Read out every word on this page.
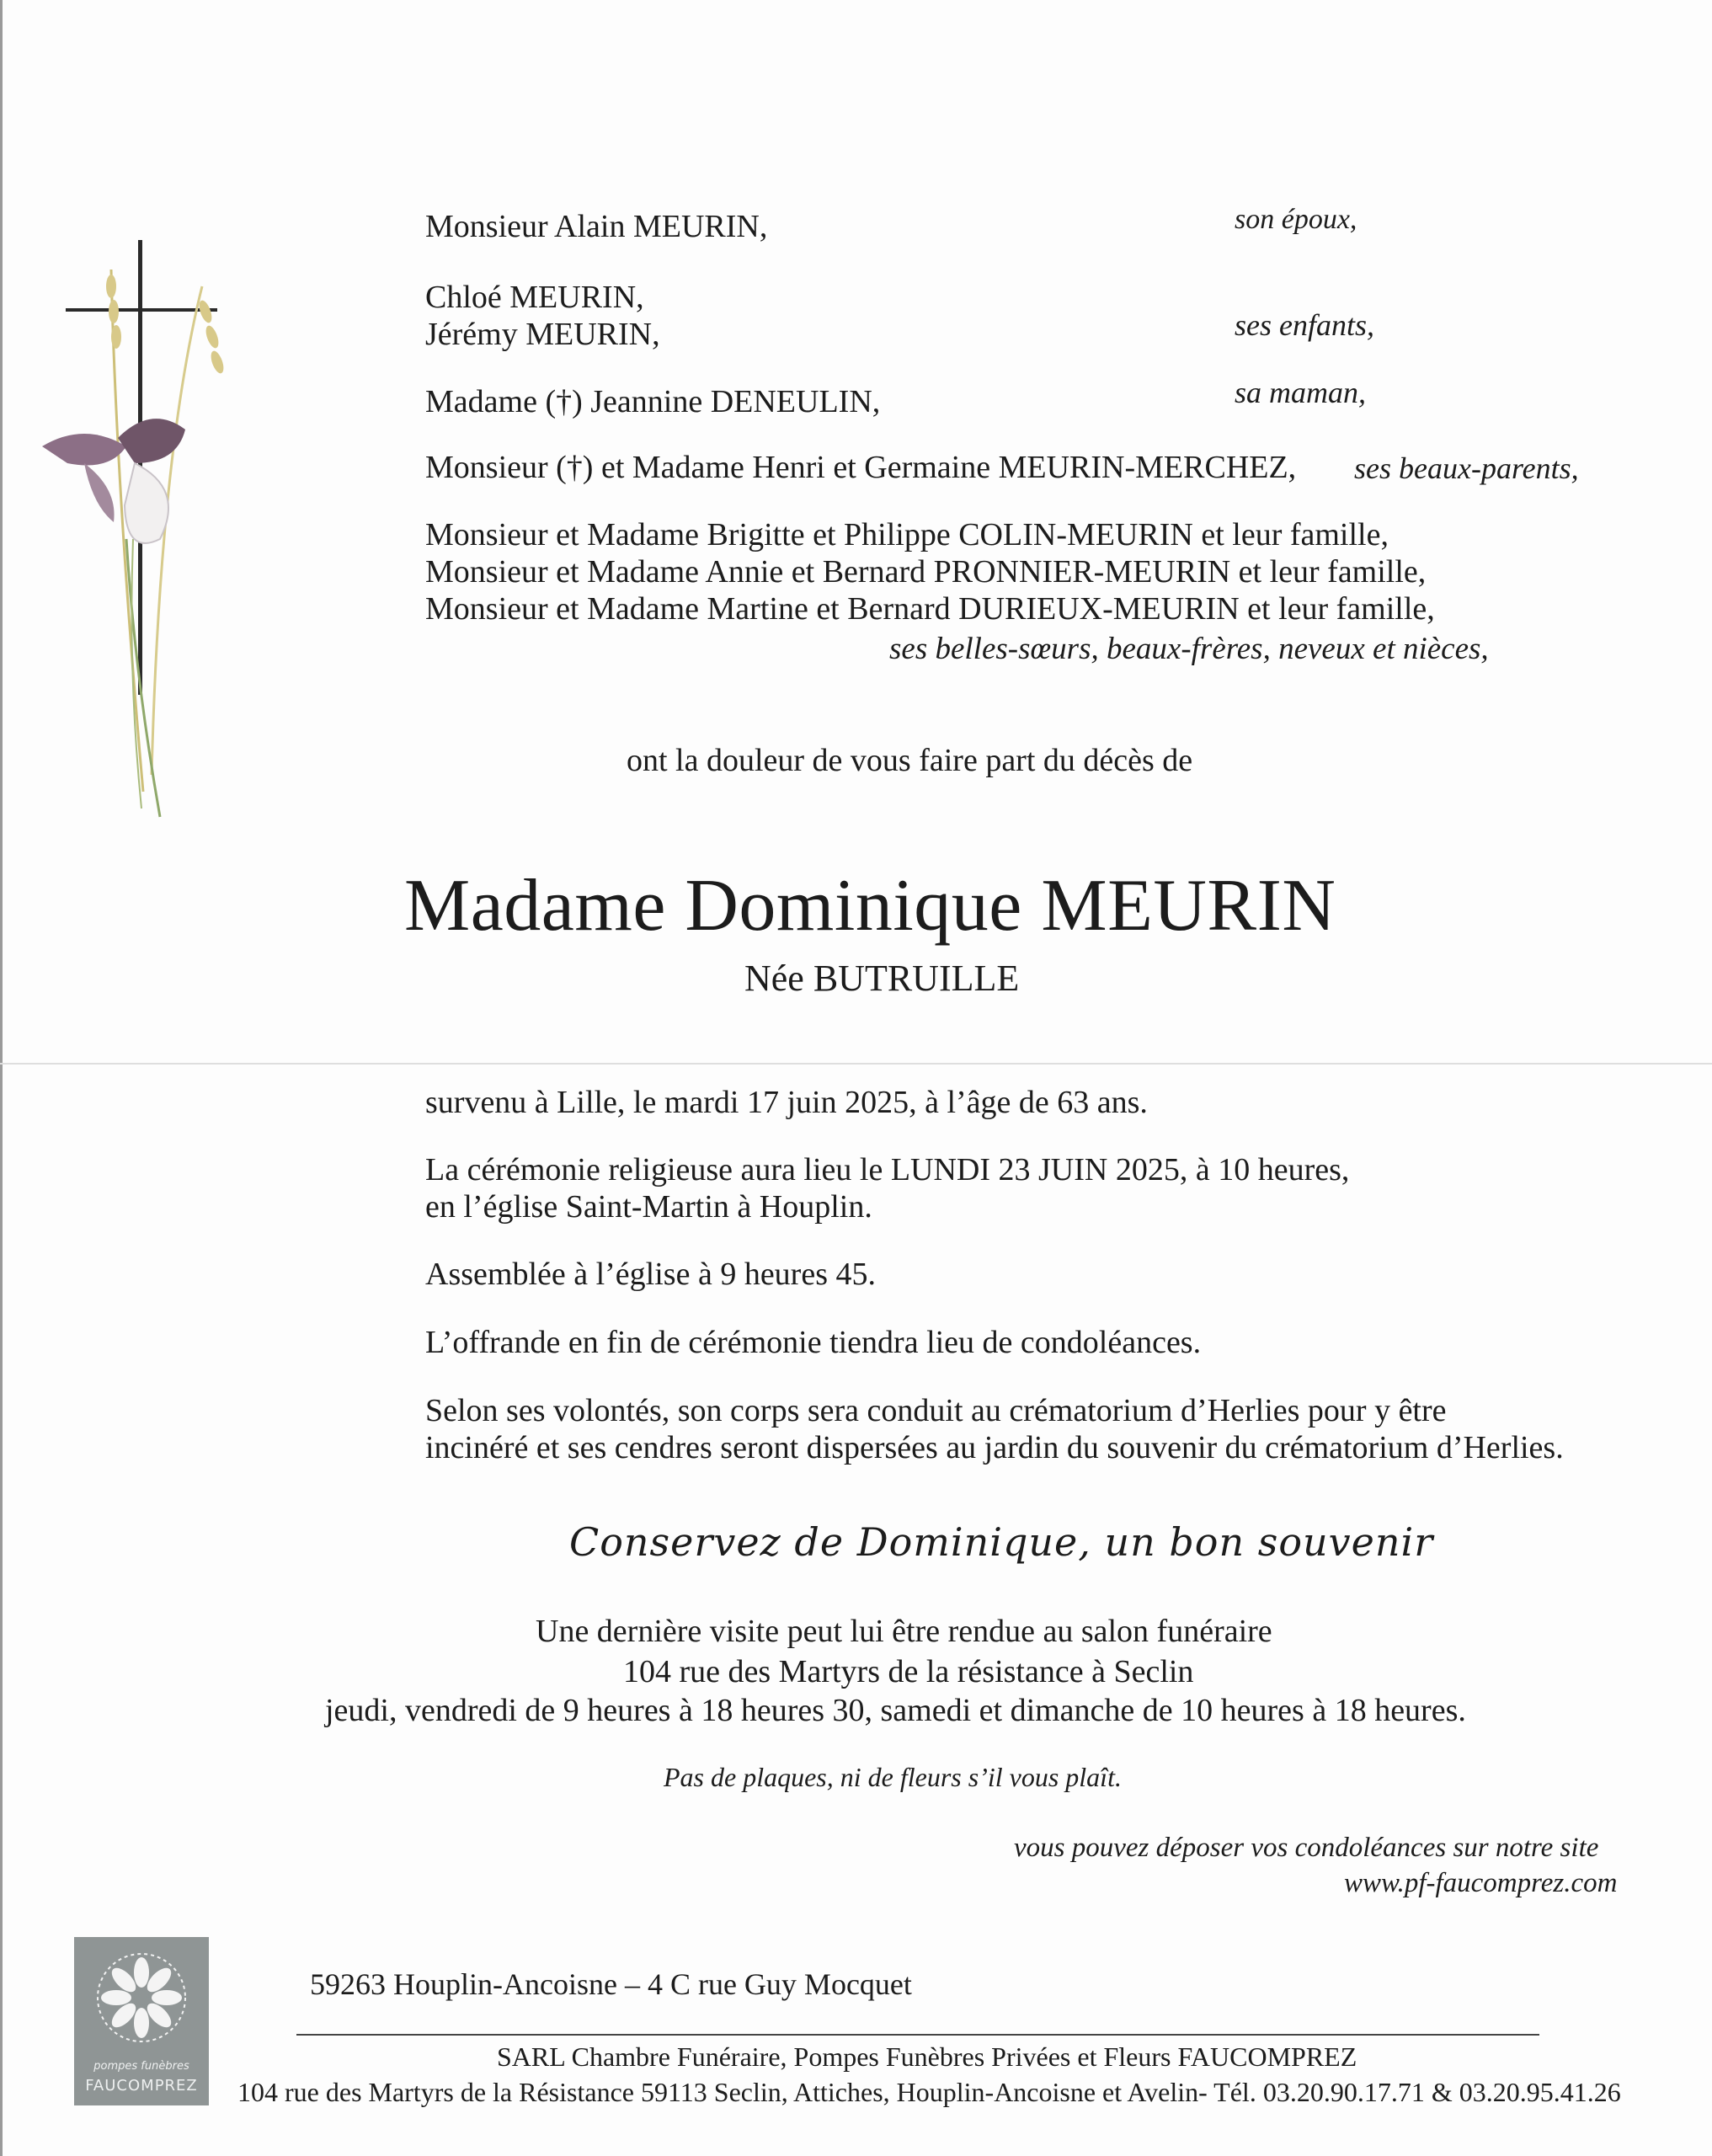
Monsieur Alain MEURIN,	son époux,
Chloé MEURIN,
Jérémy MEURIN,	ses enfants,
Madame (†) Jeannine DENEULIN,	sa maman,
Monsieur (†) et Madame Henri et Germaine MEURIN-MERCHEZ, ses beaux-parents,
Monsieur et Madame Brigitte et Philippe COLIN-MEURIN et leur famille,
Monsieur et Madame Annie et Bernard PRONNIER-MEURIN et leur famille,
Monsieur et Madame Martine et Bernard DURIEUX-MEURIN et leur famille,
ses belles-sœurs, beaux-frères, neveux et nièces,
ont la douleur de vous faire part du décès de
Madame Dominique MEURIN
Née BUTRUILLE
survenu à Lille, le mardi 17 juin 2025, à l’âge de 63 ans.
La cérémonie religieuse aura lieu le LUNDI 23 JUIN 2025, à 10 heures,
en l’église Saint-Martin à Houplin.
Assemblée à l’église à 9 heures 45.
L’offrande en fin de cérémonie tiendra lieu de condoléances.
Selon ses volontés, son corps sera conduit au crématorium d’Herlies pour y être
incinéré et ses cendres seront dispersées au jardin du souvenir du crématorium d’Herlies.
Conservez de Dominique, un bon souvenir
Une dernière visite peut lui être rendue au salon funéraire
104 rue des Martyrs de la résistance à Seclin
jeudi, vendredi de 9 heures à 18 heures 30, samedi et dimanche de 10 heures à 18 heures.
Pas de plaques, ni de fleurs s’il vous plaît.
vous pouvez déposer vos condoléances sur notre site
www.pf-faucomprez.com
pompes funèbres
FAUCOMPREZ
59263 Houplin-Ancoisne – 4 C rue Guy Mocquet
SARL Chambre Funéraire, Pompes Funèbres Privées et Fleurs FAUCOMPREZ
104 rue des Martyrs de la Résistance 59113 Seclin, Attiches, Houplin-Ancoisne et Avelin- Tél. 03.20.90.17.71 & 03.20.95.41.26
